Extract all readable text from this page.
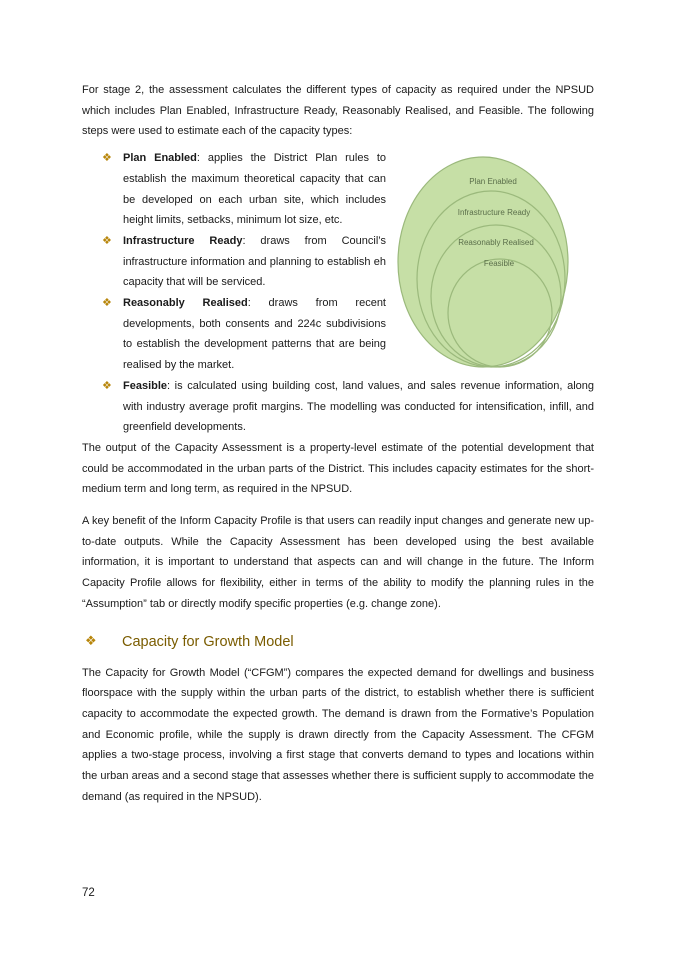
For stage 2, the assessment calculates the different types of capacity as required under the NPSUD which includes Plan Enabled, Infrastructure Ready, Reasonably Realised, and Feasible. The following steps were used to estimate each of the capacity types:

❖ Plan Enabled: applies the District Plan rules to establish the maximum theoretical capacity that can be developed on each urban site, which includes height limits, setbacks, minimum lot size, etc.
❖ Infrastructure Ready: draws from Council’s infrastructure information and planning to establish eh capacity that will be serviced.
❖ Reasonably Realised: draws from recent developments, both consents and 224c subdivisions to establish the development patterns that are being realised by the market.
❖ Feasible: is calculated using building cost, land values, and sales revenue information, along with industry average profit margins. The modelling was conducted for intensification, infill, and greenfield developments.

The output of the Capacity Assessment is a property-level estimate of the potential development that could be accommodated in the urban parts of the District. This includes capacity estimates for the short-medium term and long term, as required in the NPSUD.

A key benefit of the Inform Capacity Profile is that users can readily input changes and generate new up-to-date outputs. While the Capacity Assessment has been developed using the best available information, it is important to understand that aspects can and will change in the future. The Inform Capacity Profile allows for flexibility, either in terms of the ability to modify the planning rules in the “Assumption” tab or directly modify specific properties (e.g. change zone).

❖ Capacity for Growth Model

The Capacity for Growth Model (“CFGM”) compares the expected demand for dwellings and business floorspace with the supply within the urban parts of the district, to establish whether there is sufficient capacity to accommodate the expected growth. The demand is drawn from the Formative’s Population and Economic profile, while the supply is drawn directly from the Capacity Assessment. The CFGM applies a two-stage process, involving a first stage that converts demand to types and locations within the urban areas and a second stage that assesses whether there is sufficient supply to accommodate the demand (as required in the NPSUD).

Plan Enabled
Infrastructure Ready
Reasonably Realised
Feasible
72
